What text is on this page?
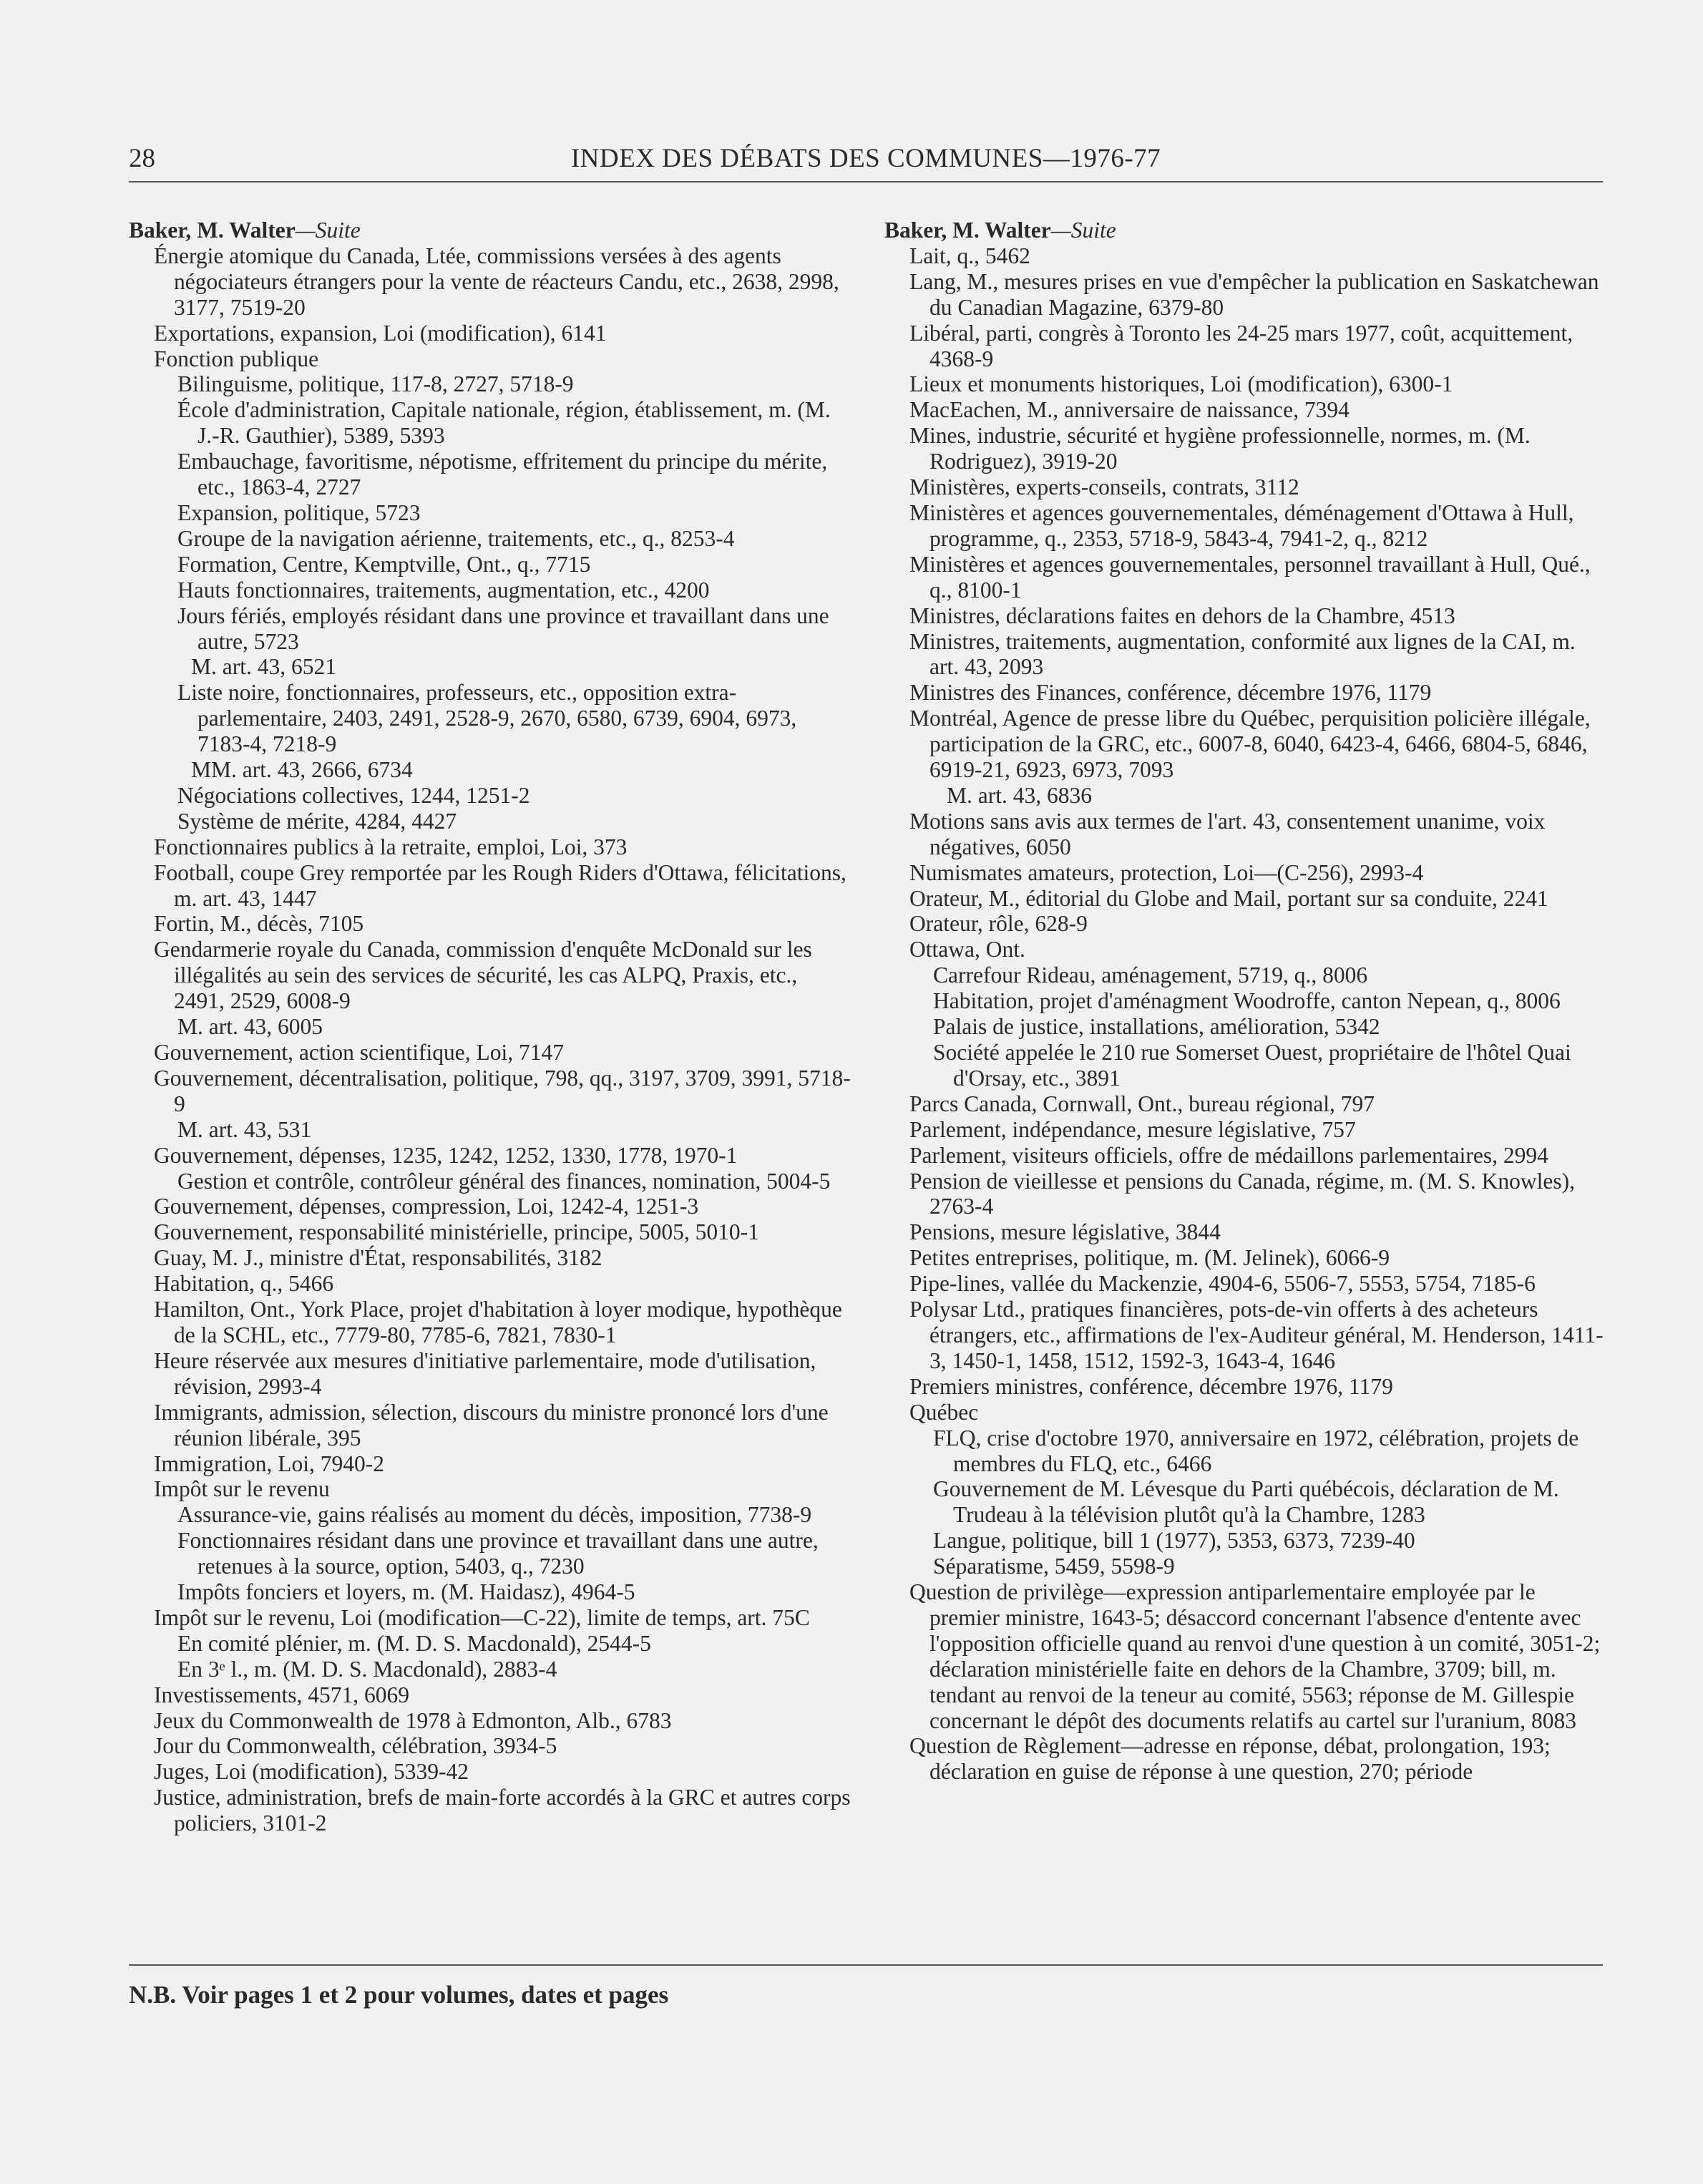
28	INDEX DES DÉBATS DES COMMUNES—1976-77
Baker, M. Walter—Suite
Énergie atomique du Canada, Ltée, commissions versées à des agents négociateurs étrangers pour la vente de réacteurs Candu, etc., 2638, 2998, 3177, 7519-20
Exportations, expansion, Loi (modification), 6141
Fonction publique
Bilinguisme, politique, 117-8, 2727, 5718-9
École d'administration, Capitale nationale, région, établissement, m. (M. J.-R. Gauthier), 5389, 5393
Embauchage, favoritisme, népotisme, effritement du principe du mérite, etc., 1863-4, 2727
Expansion, politique, 5723
Groupe de la navigation aérienne, traitements, etc., q., 8253-4
Formation, Centre, Kemptville, Ont., q., 7715
Hauts fonctionnaires, traitements, augmentation, etc., 4200
Jours fériés, employés résidant dans une province et travaillant dans une autre, 5723
M. art. 43, 6521
Liste noire, fonctionnaires, professeurs, etc., opposition extra-parlementaire, 2403, 2491, 2528-9, 2670, 6580, 6739, 6904, 6973, 7183-4, 7218-9
MM. art. 43, 2666, 6734
Négociations collectives, 1244, 1251-2
Système de mérite, 4284, 4427
Fonctionnaires publics à la retraite, emploi, Loi, 373
Football, coupe Grey remportée par les Rough Riders d'Ottawa, félicitations, m. art. 43, 1447
Fortin, M., décès, 7105
Gendarmerie royale du Canada, commission d'enquête McDonald sur les illégalités au sein des services de sécurité, les cas ALPQ, Praxis, etc., 2491, 2529, 6008-9
M. art. 43, 6005
Gouvernement, action scientifique, Loi, 7147
Gouvernement, décentralisation, politique, 798, qq., 3197, 3709, 3991, 5718-9
M. art. 43, 531
Gouvernement, dépenses, 1235, 1242, 1252, 1330, 1778, 1970-1
Gestion et contrôle, contrôleur général des finances, nomination, 5004-5
Gouvernement, dépenses, compression, Loi, 1242-4, 1251-3
Gouvernement, responsabilité ministérielle, principe, 5005, 5010-1
Guay, M. J., ministre d'État, responsabilités, 3182
Habitation, q., 5466
Hamilton, Ont., York Place, projet d'habitation à loyer modique, hypothèque de la SCHL, etc., 7779-80, 7785-6, 7821, 7830-1
Heure réservée aux mesures d'initiative parlementaire, mode d'utilisation, révision, 2993-4
Immigrants, admission, sélection, discours du ministre prononcé lors d'une réunion libérale, 395
Immigration, Loi, 7940-2
Impôt sur le revenu
Assurance-vie, gains réalisés au moment du décès, imposition, 7738-9
Fonctionnaires résidant dans une province et travaillant dans une autre, retenues à la source, option, 5403, q., 7230
Impôts fonciers et loyers, m. (M. Haidasz), 4964-5
Impôt sur le revenu, Loi (modification—C-22), limite de temps, art. 75C
En comité plénier, m. (M. D. S. Macdonald), 2544-5
En 3ᵉ l., m. (M. D. S. Macdonald), 2883-4
Investissements, 4571, 6069
Jeux du Commonwealth de 1978 à Edmonton, Alb., 6783
Jour du Commonwealth, célébration, 3934-5
Juges, Loi (modification), 5339-42
Justice, administration, brefs de main-forte accordés à la GRC et autres corps policiers, 3101-2
Baker, M. Walter—Suite
Lait, q., 5462
Lang, M., mesures prises en vue d'empêcher la publication en Saskatchewan du Canadian Magazine, 6379-80
Libéral, parti, congrès à Toronto les 24-25 mars 1977, coût, acquittement, 4368-9
Lieux et monuments historiques, Loi (modification), 6300-1
MacEachen, M., anniversaire de naissance, 7394
Mines, industrie, sécurité et hygiène professionnelle, normes, m. (M. Rodriguez), 3919-20
Ministères, experts-conseils, contrats, 3112
Ministères et agences gouvernementales, déménagement d'Ottawa à Hull, programme, q., 2353, 5718-9, 5843-4, 7941-2, q., 8212
Ministères et agences gouvernementales, personnel travaillant à Hull, Qué., q., 8100-1
Ministres, déclarations faites en dehors de la Chambre, 4513
Ministres, traitements, augmentation, conformité aux lignes de la CAI, m. art. 43, 2093
Ministres des Finances, conférence, décembre 1976, 1179
Montréal, Agence de presse libre du Québec, perquisition policière illégale, participation de la GRC, etc., 6007-8, 6040, 6423-4, 6466, 6804-5, 6846, 6919-21, 6923, 6973, 7093
M. art. 43, 6836
Motions sans avis aux termes de l'art. 43, consentement unanime, voix négatives, 6050
Numismates amateurs, protection, Loi—(C-256), 2993-4
Orateur, M., éditorial du Globe and Mail, portant sur sa conduite, 2241
Orateur, rôle, 628-9
Ottawa, Ont.
Carrefour Rideau, aménagement, 5719, q., 8006
Habitation, projet d'aménagment Woodroffe, canton Nepean, q., 8006
Palais de justice, installations, amélioration, 5342
Société appelée le 210 rue Somerset Ouest, propriétaire de l'hôtel Quai d'Orsay, etc., 3891
Parcs Canada, Cornwall, Ont., bureau régional, 797
Parlement, indépendance, mesure législative, 757
Parlement, visiteurs officiels, offre de médaillons parlementaires, 2994
Pension de vieillesse et pensions du Canada, régime, m. (M. S. Knowles), 2763-4
Pensions, mesure législative, 3844
Petites entreprises, politique, m. (M. Jelinek), 6066-9
Pipe-lines, vallée du Mackenzie, 4904-6, 5506-7, 5553, 5754, 7185-6
Polysar Ltd., pratiques financières, pots-de-vin offerts à des acheteurs étrangers, etc., affirmations de l'ex-Auditeur général, M. Henderson, 1411-3, 1450-1, 1458, 1512, 1592-3, 1643-4, 1646
Premiers ministres, conférence, décembre 1976, 1179
Québec
FLQ, crise d'octobre 1970, anniversaire en 1972, célébration, projets de membres du FLQ, etc., 6466
Gouvernement de M. Lévesque du Parti québécois, déclaration de M. Trudeau à la télévision plutôt qu'à la Chambre, 1283
Langue, politique, bill 1 (1977), 5353, 6373, 7239-40
Séparatisme, 5459, 5598-9
Question de privilège—expression antiparlementaire employée par le premier ministre, 1643-5; désaccord concernant l'absence d'entente avec l'opposition officielle quand au renvoi d'une question à un comité, 3051-2; déclaration ministérielle faite en dehors de la Chambre, 3709; bill, m. tendant au renvoi de la teneur au comité, 5563; réponse de M. Gillespie concernant le dépôt des documents relatifs au cartel sur l'uranium, 8083
Question de Règlement—adresse en réponse, débat, prolongation, 193; déclaration en guise de réponse à une question, 270; période
N.B. Voir pages 1 et 2 pour volumes, dates et pages
